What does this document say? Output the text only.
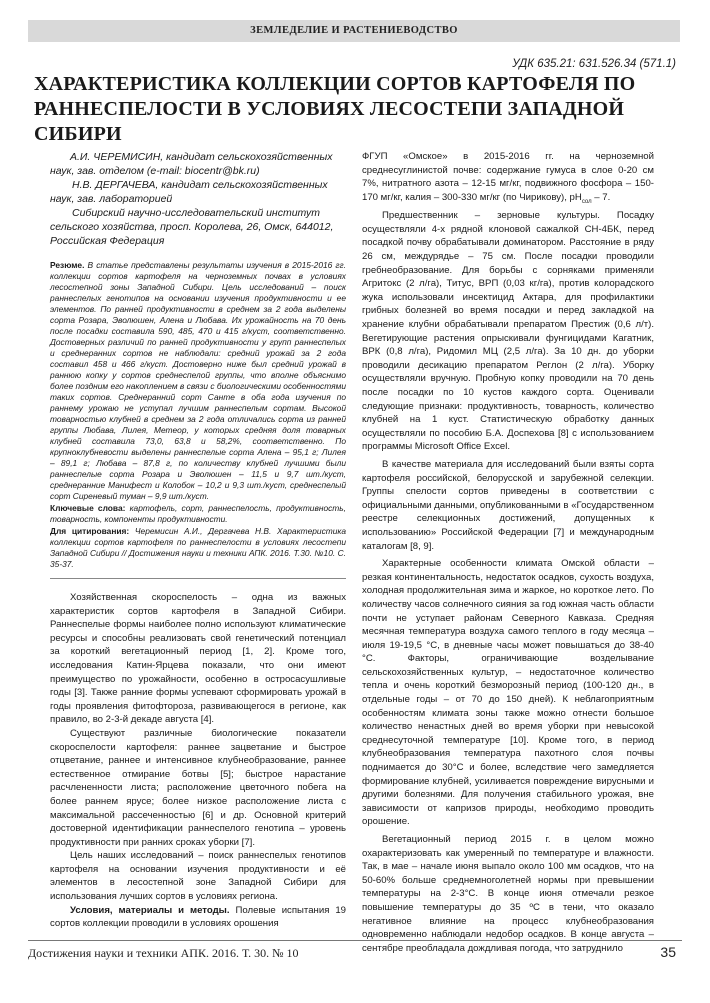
ЗЕМЛЕДЕЛИЕ И РАСТЕНИЕВОДСТВО
УДК 635.21: 631.526.34 (571.1)
ХАРАКТЕРИСТИКА КОЛЛЕКЦИИ СОРТОВ КАРТОФЕЛЯ ПО РАННЕСПЕЛОСТИ В УСЛОВИЯХ ЛЕСОСТЕПИ ЗАПАДНОЙ СИБИРИ

А.И. ЧЕРЕМИСИН, кандидат сельскохозяйственных наук, зав. отделом (e-mail: biocentr@bk.ru)

Н.В. ДЕРГАЧЕВА, кандидат сельскохозяйственных наук, зав. лабораторией

Сибирский научно-исследовательский институт сельского хозяйства, просп. Королева, 26, Омск, 644012, Российская Федерация

Резюме. В статье представлены результаты изучения в 2015-2016 гг. коллекции сортов картофеля на черноземных почвах в условиях лесостепной зоны Западной Сибири. Цель исследований – поиск раннеспелых генотипов на основании изучения продуктивности и ее элементов. По ранней продуктивности в среднем за 2 года выделены сорта Розара, Эволюшен, Алена и Любава. Их урожайность на 70 день после посадки составила 590, 485, 470 и 415 г/куст, соответственно. Достоверных различий по ранней продуктивности у групп раннеспелых и среднеранних сортов не наблюдали: средний урожай за 2 года составил 458 и 466 г/куст. Достоверно ниже был средний урожай в раннюю копку у сортов среднеспелой группы, что вполне объяснимо более поздним его накоплением в связи с биологическими особенностями таких сортов. Среднеранний сорт Санте в оба года изучения по раннему урожаю не уступал лучшим раннеспелым сортам. Высокой товарностью клубней в среднем за 2 года отличались сорта из ранней группы Любава, Лилея, Метеор, у которых средняя доля товарных клубней составила 73,0, 63,8 и 58,2%, соответственно. По крупноклубневости выделены раннеспелые сорта Алена – 95,1 г; Лилея – 89,1 г; Любава – 87,8 г, по количеству клубней лучшими были раннеспелые сорта Розара и Эволюшен – 11,5 и 9,7 шт./куст, среднеранние Манифест и Колобок – 10,2 и 9,3 шт./куст, среднеспелый сорт Сиреневый туман – 9,9 шт./куст.

Ключевые слова: картофель, сорт, раннеспелость, продуктивность, товарность, компоненты продуктивности.

Для цитирования: Черемисин А.И., Дергачева Н.В. Характеристика коллекции сортов картофеля по раннеспелости в условиях лесостепи Западной Сибири // Достижения науки и техники АПК. 2016. Т.30. №10. С. 35-37.

Хозяйственная скороспелость – одна из важных характеристик сортов картофеля в Западной Сибири. Раннеспелые формы наиболее полно используют климатические ресурсы и способны реализовать свой генетический потенциал за короткий вегетационный период [1, 2]. Кроме того, исследования Катин-Ярцева показали, что они имеют преимущество по урожайности, особенно в остросасушливые годы [3]. Также ранние формы успевают сформировать урожай в годы проявления фитофтороза, развивающегося в регионе, как правило, во 2-3-й декаде августа [4].

Существуют различные биологические показатели скороспелости картофеля: раннее зацветание и быстрое отцветание, раннее и интенсивное клубнеобразование, раннее естественное отмирание ботвы [5]; быстрое нарастание расчлененности листа; расположение цветочного побега на более раннем ярусе; более низкое расположение листа с максимальной рассеченностью [6] и др. Основной критерий достоверной идентификации раннеспелого генотипа – уровень продуктивности при ранних сроках уборки [7].

Цель наших исследований – поиск раннеспелых генотипов картофеля на основании изучения продуктивности и её элементов в лесостепной зоне Западной Сибири для использования лучших сортов в условиях региона.

Условия, материалы и методы. Полевые испытания 19 сортов коллекции проводили в условиях орошения

ФГУП «Омское» в 2015-2016 гг. на черноземной среднесуглинистой почве: содержание гумуса в слое 0-20 см 7%, нитратного азота – 12-15 мг/кг, подвижного фосфора – 150-170 мг/кг, калия – 300-330 мг/кг (по Чирикову), $pH_{сол} - 7$.

Предшественник – зерновые культуры. Посадку осуществляли 4-х рядной клоновой сажалкой СН-4БК, перед посадкой почву обрабатывали доминатором. Расстояние в ряду 26 см, междурядье – 75 см. После посадки проводили гребнеобразование. Для борьбы с сорняками применяли Агритокс (2 л/га), Титус, ВРП (0,03 кг/га), против колорадского жука использовали инсектицид Актара, для профилактики грибных болезней во время посадки и перед закладкой на хранение клубни обрабатывали препаратом Престиж (0,6 л/т). Вегетирующие растения опрыскивали фунгицидами Кагатник, ВРК (0,8 л/га), Ридомил МЦ (2,5 л/га). За 10 дн. до уборки проводили десикацию препаратом Реглон (2 л/га). Уборку осуществляли вручную. Пробную копку проводили на 70 день после посадки по 10 кустов каждого сорта. Оценивали следующие признаки: продуктивность, товарность, количество клубней на 1 куст. Статистическую обработку данных осуществляли по пособию Б.А. Доспехова [8] с использованием программы Microsoft Office Excel.

В качестве материала для исследований были взяты сорта картофеля российской, белорусской и зарубежной селекции. Группы спелости сортов приведены в соответствии с официальными данными, опубликованными в «Государственном реестре селекционных достижений, допущенных к использованию» Российской Федерации [7] и международным каталогам [8, 9].

Характерные особенности климата Омской области – резкая континентальность, недостаток осадков, сухость воздуха, холодная продолжительная зима и жаркое, но короткое лето. По количеству часов солнечного сияния за год южная часть области почти не уступает районам Северного Кавказа. Средняя месячная температура воздуха самого теплого в году месяца – июля 19-19,5 °С, в дневные часы может повышаться до 38-40 °С. Факторы, ограничивающие возделывание сельскохозяйственных культур, – недостаточное количество тепла и очень короткий безморозный период (100-120 дн., в отдельные годы – от 70 до 150 дней). К неблагоприятным особенностям климата зоны также можно отнести большое количество ненастных дней во время уборки при невысокой среднесуточной температуре [10]. Кроме того, в период клубнеобразования температура пахотного слоя почвы поднимается до 30°С и более, вследствие чего замедляется формирование клубней, усиливается повреждение вирусными и другими болезнями. Для получения стабильного урожая, вне зависимости от капризов природы, необходимо проводить орошение.

Вегетационный период 2015 г. в целом можно охарактеризовать как умеренный по температуре и влажности. Так, в мае – начале июня выпало около 100 мм осадков, что на 50-60% больше среднемноголетней нормы при превышении температуры на 2-3°С. В конце июня отмечали резкое повышение температуры до 35 ºС в тени, что оказало негативное влияние на процесс клубнеобразования одновременно наблюдали недобор осадков. В конце августа – сентябре преобладала дождливая погода, что затруднило

Достижения науки и техники АПК. 2016. Т. 30. № 10	35
